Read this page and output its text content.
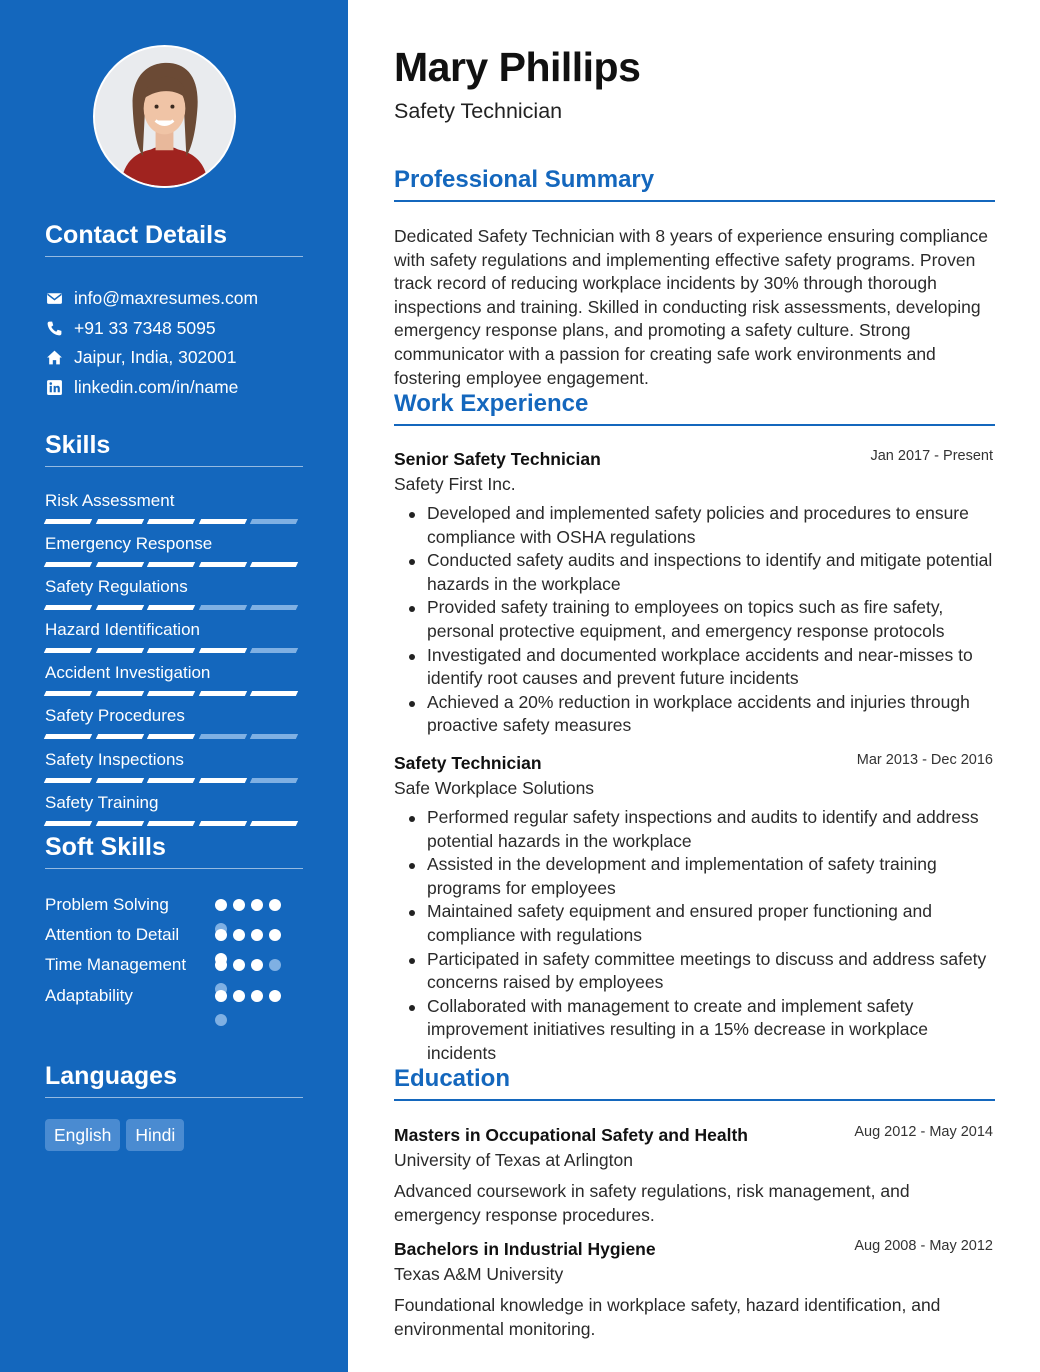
Contact Details
info@maxresumes.com
+91 33 7348 5095
Jaipur, India, 302001
linkedin.com/in/name
Skills
Risk Assessment
Emergency Response
Safety Regulations
Hazard Identification
Accident Investigation
Safety Procedures
Safety Inspections
Safety Training
Soft Skills
Problem Solving
Attention to Detail
Time Management
Adaptability
Languages
English	Hindi
Mary Phillips
Safety Technician
Professional Summary

Dedicated Safety Technician with 8 years of experience ensuring compliance with safety regulations and implementing effective safety programs. Proven track record of reducing workplace incidents by 30% through thorough inspections and training. Skilled in conducting risk assessments, developing emergency response plans, and promoting a safety culture. Strong communicator with a passion for creating safe work environments and fostering employee engagement.

Work Experience
Senior Safety Technician	Jan 2017 - Present
Safety First Inc.
Developed and implemented safety policies and procedures to ensure compliance with OSHA regulations
Conducted safety audits and inspections to identify and mitigate potential hazards in the workplace
Provided safety training to employees on topics such as fire safety, personal protective equipment, and emergency response protocols
Investigated and documented workplace accidents and near-misses to identify root causes and prevent future incidents
Achieved a 20% reduction in workplace accidents and injuries through proactive safety measures
Safety Technician	Mar 2013 - Dec 2016
Safe Workplace Solutions
Performed regular safety inspections and audits to identify and address potential hazards in the workplace
Assisted in the development and implementation of safety training programs for employees
Maintained safety equipment and ensured proper functioning and compliance with regulations
Participated in safety committee meetings to discuss and address safety concerns raised by employees
Collaborated with management to create and implement safety improvement initiatives resulting in a 15% decrease in workplace incidents
Education
Masters in Occupational Safety and Health	Aug 2012 - May 2014
University of Texas at Arlington

Advanced coursework in safety regulations, risk management, and emergency response procedures.

Bachelors in Industrial Hygiene	Aug 2008 - May 2012
Texas A&M University

Foundational knowledge in workplace safety, hazard identification, and environmental monitoring.
